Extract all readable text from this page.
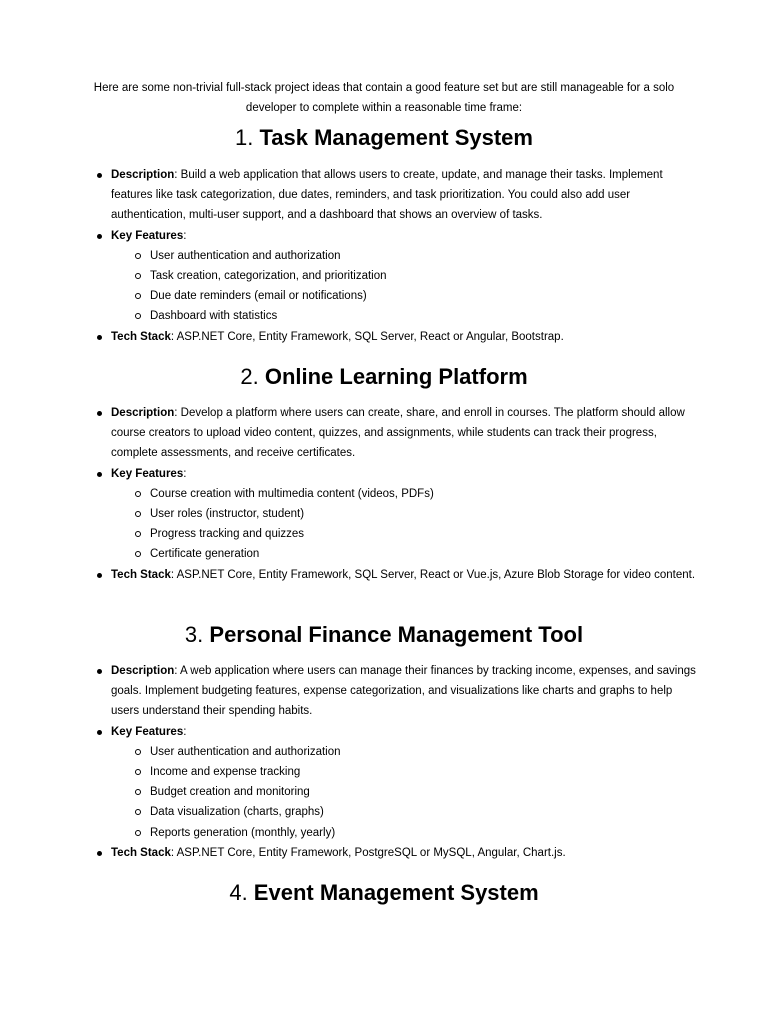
Here are some non-trivial full-stack project ideas that contain a good feature set but are still manageable for a solo developer to complete within a reasonable time frame:

1. Task Management System
Description: Build a web application that allows users to create, update, and manage their tasks. Implement features like task categorization, due dates, reminders, and task prioritization. You could also add user authentication, multi-user support, and a dashboard that shows an overview of tasks.
Key Features:
User authentication and authorization
Task creation, categorization, and prioritization
Due date reminders (email or notifications)
Dashboard with statistics
Tech Stack: ASP.NET Core, Entity Framework, SQL Server, React or Angular, Bootstrap.
2. Online Learning Platform
Description: Develop a platform where users can create, share, and enroll in courses. The platform should allow course creators to upload video content, quizzes, and assignments, while students can track their progress, complete assessments, and receive certificates.
Key Features:
Course creation with multimedia content (videos, PDFs)
User roles (instructor, student)
Progress tracking and quizzes
Certificate generation
Tech Stack: ASP.NET Core, Entity Framework, SQL Server, React or Vue.js, Azure Blob Storage for video content.
3. Personal Finance Management Tool
Description: A web application where users can manage their finances by tracking income, expenses, and savings goals. Implement budgeting features, expense categorization, and visualizations like charts and graphs to help users understand their spending habits.
Key Features:
User authentication and authorization
Income and expense tracking
Budget creation and monitoring
Data visualization (charts, graphs)
Reports generation (monthly, yearly)
Tech Stack: ASP.NET Core, Entity Framework, PostgreSQL or MySQL, Angular, Chart.js.
4. Event Management System
